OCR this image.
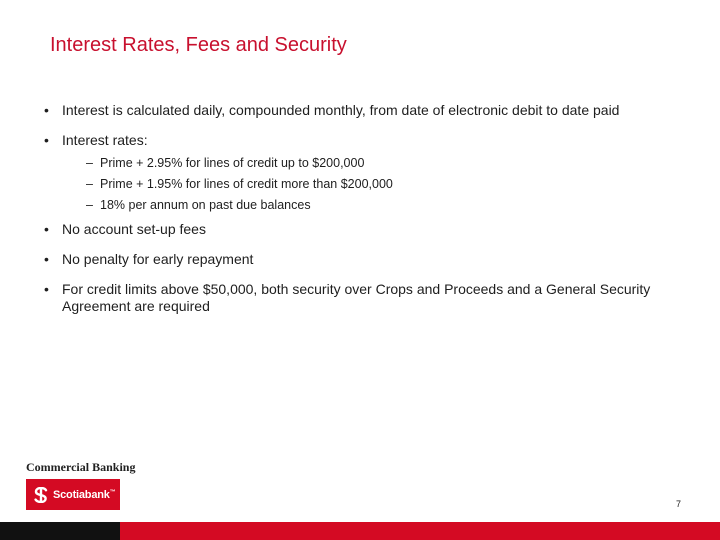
Interest Rates, Fees and Security
• Interest is calculated daily, compounded monthly, from date of electronic debit to date paid
• Interest rates:
– Prime + 2.95% for lines of credit up to $200,000
– Prime + 1.95% for lines of credit more than $200,000
– 18% per annum on past due balances
• No account set-up fees
• No penalty for early repayment
• For credit limits above $50,000, both security over Crops and Proceeds and a General Security Agreement are required
Commercial Banking
Scotiabank™
7
